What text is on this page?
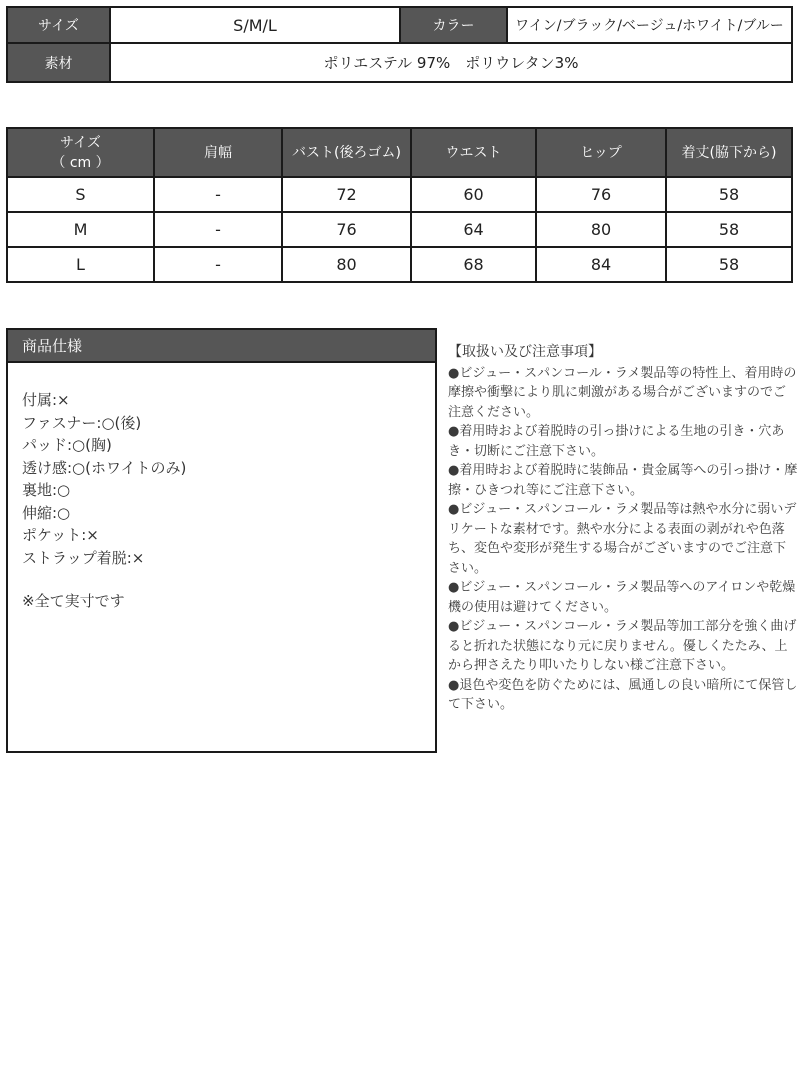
サイズ	S/M/L	カラー	ワイン/ブラック/ベージュ/ホワイト/ブルー
素材	ポリエステル 97%　ポリウレタン3%
サイズ
（ cm ）
肩幅	バスト(後ろゴム)	ウエスト	ヒップ	着丈(脇下から)
S	-	72	60	76	58
M	-	76	64	80	58
L	-	80	68	84	58
商品仕様
付属:×
ファスナー:○(後)
パッド:○(胸)
透け感:○(ホワイトのみ)
裏地:○
伸縮:○
ポケット:×
ストラップ着脱:×
※全て実寸です
【取扱い及び注意事項】

●ビジュー・スパンコール・ラメ製品等の特性上、着用時の摩擦や衝撃により肌に刺激がある場合がございますのでご注意ください。

●着用時および着脱時の引っ掛けによる生地の引き・穴あき・切断にご注意下さい。

●着用時および着脱時に装飾品・貴金属等への引っ掛け・摩擦・ひきつれ等にご注意下さい。

●ビジュー・スパンコール・ラメ製品等は熱や水分に弱いデリケートな素材です。熱や水分による表面の剥がれや色落ち、変色や変形が発生する場合がございますのでご注意下さい。

●ビジュー・スパンコール・ラメ製品等へのアイロンや乾燥機の使用は避けてください。

●ビジュー・スパンコール・ラメ製品等加工部分を強く曲げると折れた状態になり元に戻りません。優しくたたみ、上から押さえたり叩いたりしない様ご注意下さい。

●退色や変色を防ぐためには、風通しの良い暗所にて保管して下さい。
